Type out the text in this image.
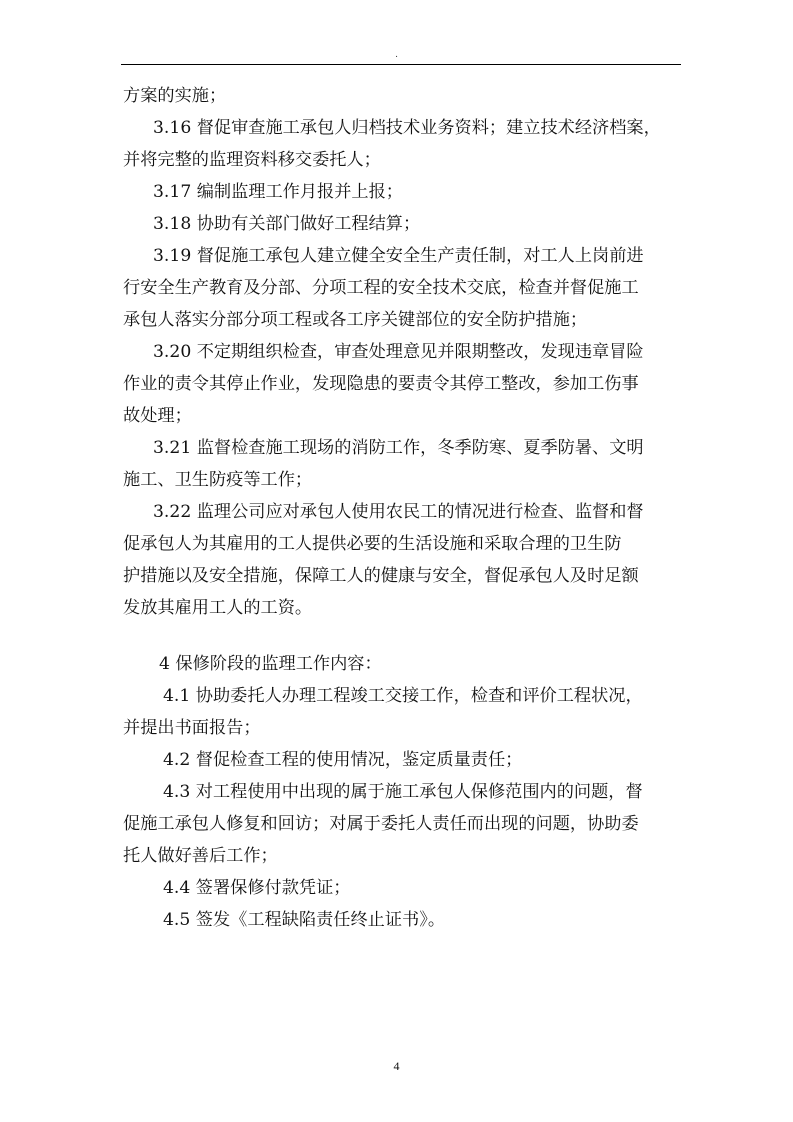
.
方案的实施；
3.16 督促审查施工承包人归档技术业务资料；建立技术经济档案，
并将完整的监理资料移交委托人；
3.17 编制监理工作月报并上报；
3.18 协助有关部门做好工程结算；
3.19 督促施工承包人建立健全安全生产责任制，对工人上岗前进
行安全生产教育及分部、分项工程的安全技术交底，检查并督促施工
承包人落实分部分项工程或各工序关键部位的安全防护措施；
3.20 不定期组织检查，审查处理意见并限期整改，发现违章冒险
作业的责令其停止作业，发现隐患的要责令其停工整改，参加工伤事
故处理；
3.21 监督检查施工现场的消防工作，冬季防寒、夏季防暑、文明
施工、卫生防疫等工作；
3.22 监理公司应对承包人使用农民工的情况进行检查、监督和督
促承包人为其雇用的工人提供必要的生活设施和采取合理的卫生防
护措施以及安全措施，保障工人的健康与安全，督促承包人及时足额
发放其雇用工人的工资。
4 保修阶段的监理工作内容：
4.1 协助委托人办理工程竣工交接工作，检查和评价工程状况，
并提出书面报告；
4.2 督促检查工程的使用情况，鉴定质量责任；
4.3 对工程使用中出现的属于施工承包人保修范围内的问题，督
促施工承包人修复和回访；对属于委托人责任而出现的问题，协助委
托人做好善后工作；
4.4 签署保修付款凭证；
4.5 签发《工程缺陷责任终止证书》。
4
